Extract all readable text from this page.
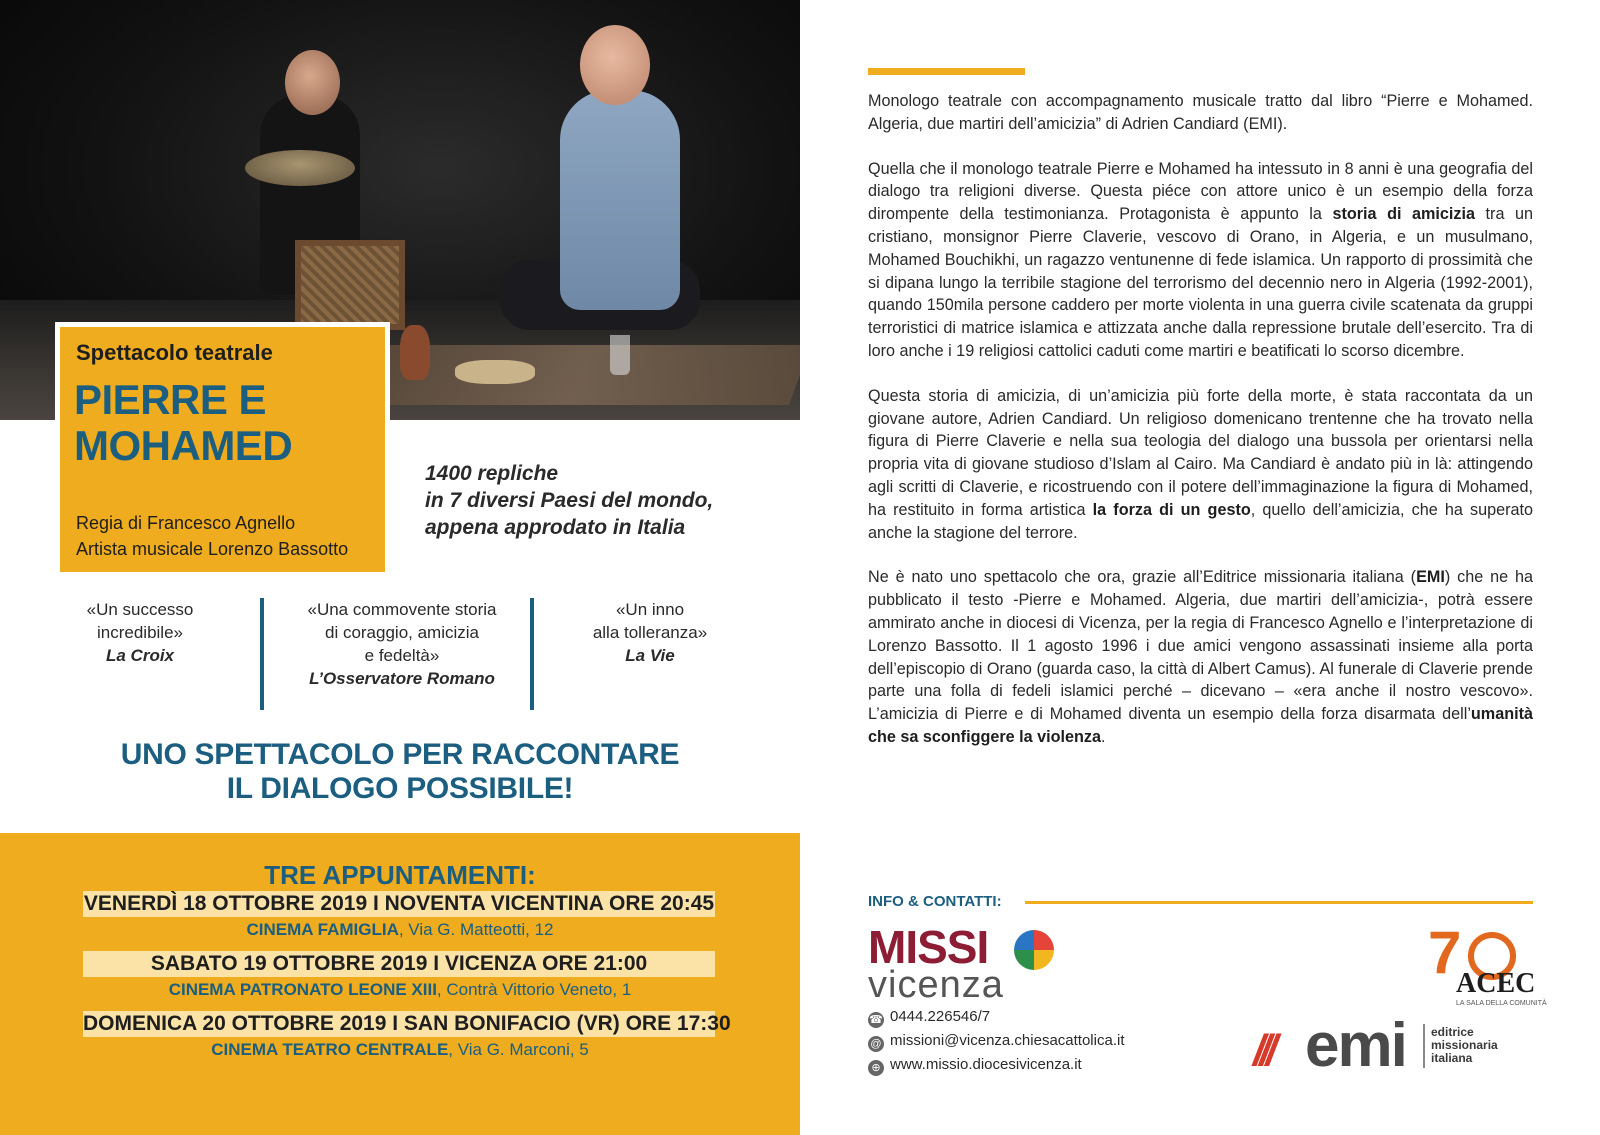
Spettacolo teatrale
PIERRE E
MOHAMED
Regia di Francesco Agnello
Artista musicale Lorenzo Bassotto
1400 repliche
in 7 diversi Paesi del mondo,
appena approdato in Italia
«Un successo
incredibile»
La Croix
«Una commovente storia
di coraggio, amicizia
e fedeltà»
L’Osservatore Romano
«Un inno
alla tolleranza»
La Vie
UNO SPETTACOLO PER RACCONTARE
IL DIALOGO POSSIBILE!
TRE APPUNTAMENTI:
VENERDÌ 18 OTTOBRE 2019 I NOVENTA VICENTINA ORE 20:45
CINEMA FAMIGLIA, Via G. Matteotti, 12
SABATO 19 OTTOBRE 2019 I VICENZA ORE 21:00
CINEMA PATRONATO LEONE XIII, Contrà Vittorio Veneto, 1
DOMENICA 20 OTTOBRE 2019 I SAN BONIFACIO (VR) ORE 17:30
CINEMA TEATRO CENTRALE, Via G. Marconi, 5

Monologo teatrale con accompagnamento musicale tratto dal libro “Pierre e Mohamed. Algeria, due martiri dell’amicizia” di Adrien Candiard (EMI).

Quella che il monologo teatrale Pierre e Mohamed ha intessuto in 8 anni è una geografia del dialogo tra religioni diverse. Questa piéce con attore unico è un esempio della forza dirompente della testimonianza. Protagonista è appunto la storia di amicizia tra un cristiano, monsignor Pierre Claverie, vescovo di Orano, in Algeria, e un musulmano, Mohamed Bouchikhi, un ragazzo ventunenne di fede islamica. Un rapporto di prossimità che si dipana lungo la terribile stagione del terrorismo del decennio nero in Algeria (1992-2001), quando 150mila persone caddero per morte violenta in una guerra civile scatenata da gruppi terroristici di matrice islamica e attizzata anche dalla repressione brutale dell’esercito. Tra di loro anche i 19 religiosi cattolici caduti come martiri e beatificati lo scorso dicembre.

Questa storia di amicizia, di un’amicizia più forte della morte, è stata raccontata da un giovane autore, Adrien Candiard. Un religioso domenicano trentenne che ha trovato nella figura di Pierre Claverie e nella sua teologia del dialogo una bussola per orientarsi nella propria vita di giovane studioso d’Islam al Cairo. Ma Candiard è andato più in là: attingendo agli scritti di Claverie, e ricostruendo con il potere dell’immaginazione la figura di Mohamed, ha restituito in forma artistica la forza di un gesto, quello dell’amicizia, che ha superato anche la stagione del terrore.

Ne è nato uno spettacolo che ora, grazie all’Editrice missionaria italiana (EMI) che ne ha pubblicato il testo -Pierre e Mohamed. Algeria, due martiri dell’amicizia-, potrà essere ammirato anche in diocesi di Vicenza, per la regia di Francesco Agnello e l’interpretazione di Lorenzo Bassotto. Il 1 agosto 1996 i due amici vengono assassinati insieme alla porta dell’episcopio di Orano (guarda caso, la città di Albert Camus). Al funerale di Claverie prende parte una folla di fedeli islamici perché – dicevano – «era anche il nostro vescovo». L’amicizia di Pierre e di Mohamed diventa un esempio della forza disarmata dell’umanità che sa sconfiggere la violenza.

INFO & CONTATTI:
MISSI
vicenza
☎ 0444.226546/7
@ missioni@vicenza.chiesacattolica.it
⊕ www.missio.diocesivicenza.it
7
ACEC
LA SALA DELLA COMUNITÀ
/// emi editrice
missionaria
italiana
